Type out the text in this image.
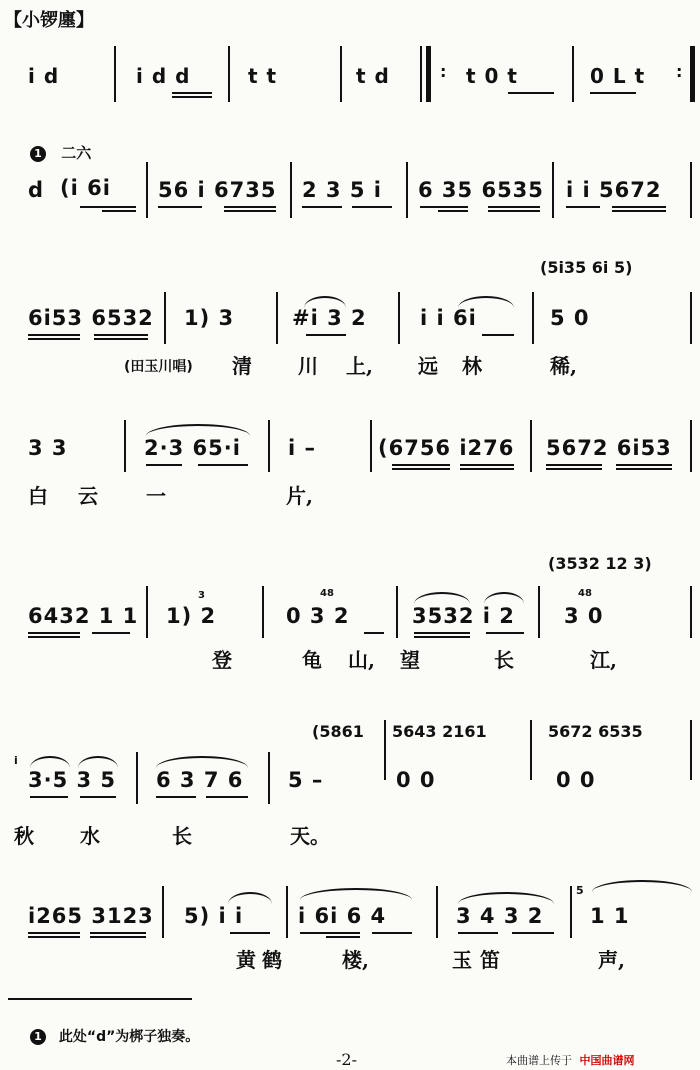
【小锣廛】
i d	i d d	t t	t d	: t 0 t	0 L t :
1 二六
d (i 6i 56 i 6735 2 3 5 i 6 35 6535 i i 5672
(5i35 6i 5)
6i53 6532 1) 3	#i 3 2	i i 6i	5 0
(田玉川唱) 清 川 上, 远 林	稀,
3 3	2·3 65·i i –	(6756 i276 5672 6i53
白 云 一	片,
(3532 12 3)
6432 1 1 1) 2
3
0 3 2
48
3532 i 2 3 0
48
登	龟 山, 望	长	江,
(5861 5643 2161	5672 6535
i
3·5 3 5 6 3 7 6 5 –	0 0	0 0
秋 水	长	天。
i265 3123 5) i i	i 6i 6 4	3 4 3 2
5
1 1
黄 鹤	楼,	玉 笛	声,
1 此处“d”为梆子独奏。
-2-	本曲谱上传于 中国曲谱网
